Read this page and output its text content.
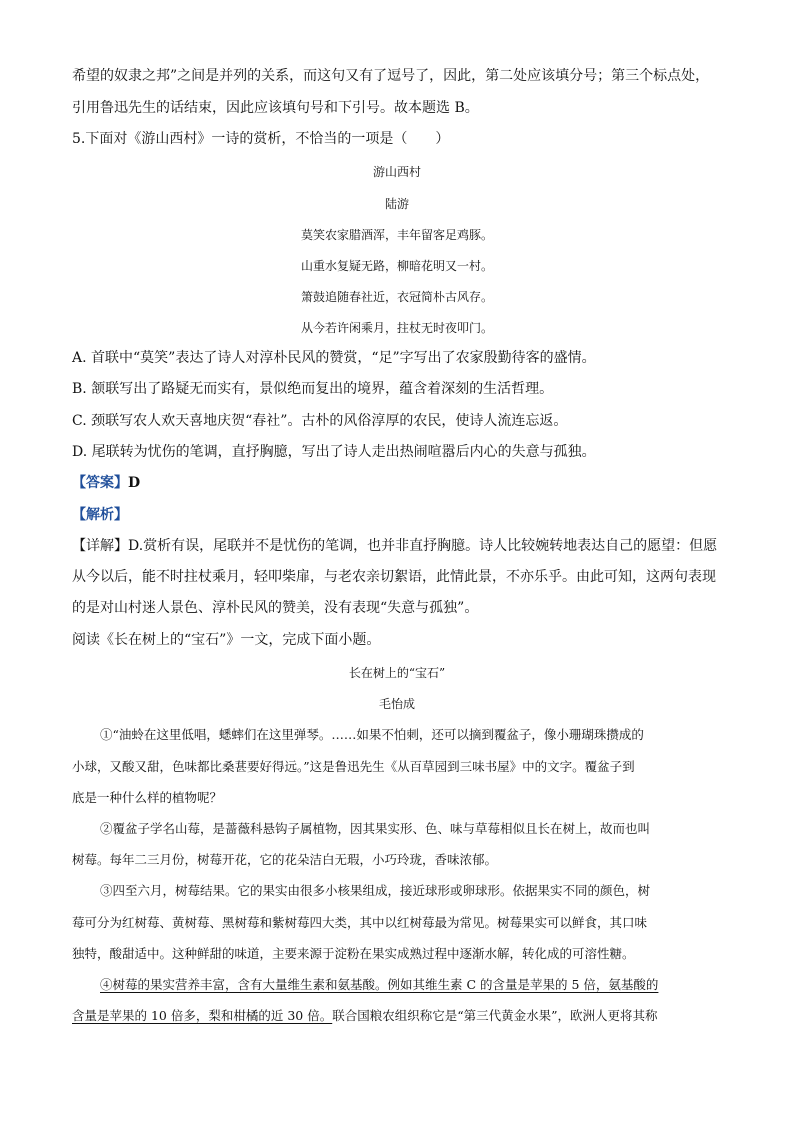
希望的奴隶之邦”之间是并列的关系，而这句又有了逗号了，因此，第二处应该填分号；第三个标点处，
引用鲁迅先生的话结束，因此应该填句号和下引号。故本题选 B。
5.下面对《游山西村》一诗的赏析，不恰当的一项是（　　）
游山西村
陆游
莫笑农家腊酒浑，丰年留客足鸡豚。
山重水复疑无路，柳暗花明又一村。
箫鼓追随春社近，衣冠简朴古风存。
从今若许闲乘月，拄杖无时夜叩门。
A. 首联中“莫笑”表达了诗人对淳朴民风的赞赏，“足”字写出了农家殷勤待客的盛情。
B. 颔联写出了路疑无而实有，景似绝而复出的境界，蕴含着深刻的生活哲理。
C. 颈联写农人欢天喜地庆贺“春社”。古朴的风俗淳厚的农民，使诗人流连忘返。
D. 尾联转为忧伤的笔调，直抒胸臆，写出了诗人走出热闹喧嚣后内心的失意与孤独。
【答案】D
【解析】
【详解】D.赏析有误，尾联并不是忧伤的笔调，也并非直抒胸臆。诗人比较婉转地表达自己的愿望：但愿
从今以后，能不时拄杖乘月，轻叩柴扉，与老农亲切絮语，此情此景，不亦乐乎。由此可知，这两句表现
的是对山村迷人景色、淳朴民风的赞美，没有表现“失意与孤独”。
阅读《长在树上的“宝石”》一文，完成下面小题。
长在树上的“宝石”
毛怡成
①“油蛉在这里低唱，蟋蟀们在这里弹琴。……如果不怕刺，还可以摘到覆盆子，像小珊瑚珠攒成的
小球，又酸又甜，色味都比桑葚要好得远。”这是鲁迅先生《从百草园到三味书屋》中的文字。覆盆子到
底是一种什么样的植物呢？
②覆盆子学名山莓，是蔷薇科悬钩子属植物，因其果实形、色、味与草莓相似且长在树上，故而也叫
树莓。每年二三月份，树莓开花，它的花朵洁白无瑕，小巧玲珑，香味浓郁。
③四至六月，树莓结果。它的果实由很多小核果组成，接近球形或卵球形。依据果实不同的颜色，树
莓可分为红树莓、黄树莓、黑树莓和紫树莓四大类，其中以红树莓最为常见。树莓果实可以鲜食，其口味
独特，酸甜适中。这种鲜甜的味道，主要来源于淀粉在果实成熟过程中逐渐水解，转化成的可溶性糖。
④树莓的果实营养丰富，含有大量维生素和氨基酸。例如其维生素 C 的含量是苹果的 5 倍，氨基酸的
含量是苹果的 10 倍多，梨和柑橘的近 30 倍。联合国粮农组织称它是“第三代黄金水果”，欧洲人更将其称
